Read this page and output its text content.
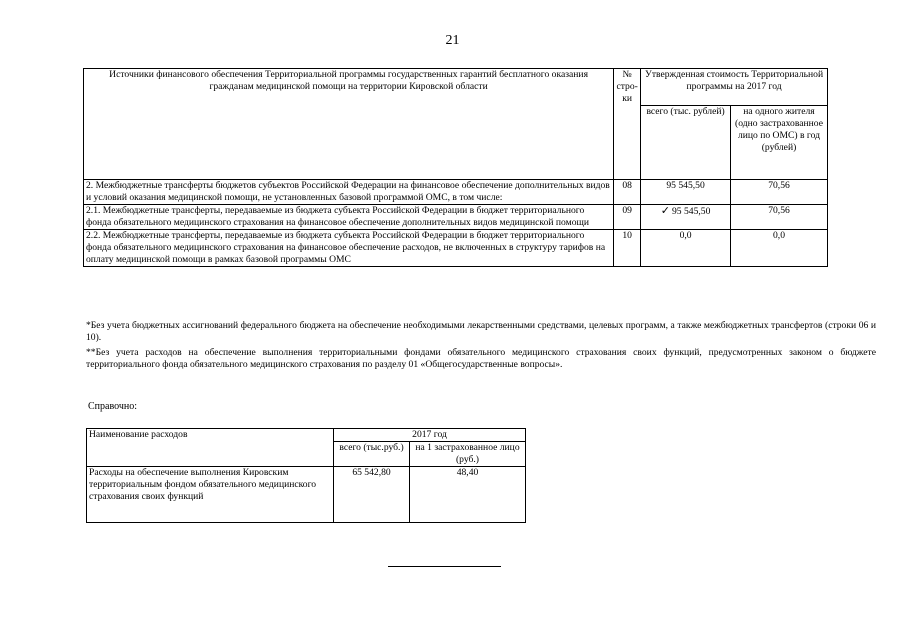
21
Источники финансового обеспечения Территориальной программы государственных гарантий бесплатного оказания гражданам медицинской помощи на территории Кировской области	№ стро-ки	Утвержденная стоимость Территориальной программы на 2017 год	
		всего (тыс. рублей)	на одного жителя (одно застрахованное лицо по ОМС) в год (рублей)
2. Межбюджетные трансферты бюджетов субъектов Российской Федерации на финансовое обеспечение дополнительных видов и условий оказания медицинской помощи, не установленных базовой программой ОМС, в том числе:	08	95 545,50	70,56
2.1. Межбюджетные трансферты, передаваемые из бюджета субъекта Российской Федерации в бюджет территориального фонда обязательного медицинского страхования на финансовое обеспечение дополнительных видов медицинской помощи	09	✓ 95 545,50	70,56
2.2. Межбюджетные трансферты, передаваемые из бюджета субъекта Российской Федерации в бюджет территориального фонда обязательного медицинского страхования на финансовое обеспечение расходов, не включенных в структуру тарифов на оплату медицинской помощи в рамках базовой программы ОМС	10	0,0	0,0

*Без учета бюджетных ассигнований федерального бюджета на обеспечение необходимыми лекарственными средствами, целевых программ, а также межбюджетных трансфертов (строки 06 и 10).

**Без учета расходов на обеспечение выполнения территориальными фондами обязательного медицинского страхования своих функций, предусмотренных законом о бюджете территориального фонда обязательного медицинского страхования по разделу 01 «Общегосударственные вопросы».

Справочно:
Наименование расходов	2017 год	
	всего (тыс.руб.)	на 1 застрахованное лицо (руб.)
Расходы на обеспечение выполнения Кировским территориальным фондом обязательного медицинского страхования своих функций	65 542,80	48,40
